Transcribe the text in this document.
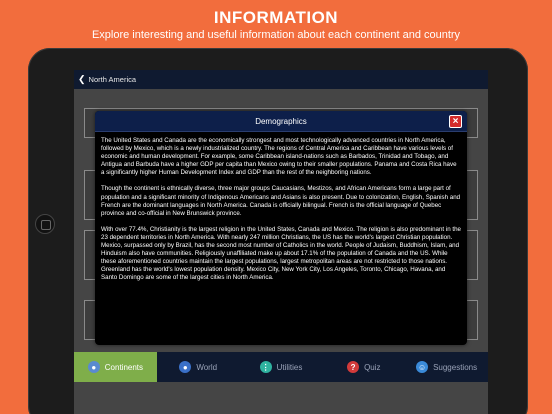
INFORMATION
Explore interesting and useful information about each continent and country
❮ North America
Demographics	×

The United States and Canada are the economically strongest and most technologically advanced countries in North America, followed by Mexico, which is a newly industrialized country. The regions of Central America and Caribbean have various levels of economic and human development. For example, some Caribbean island-nations such as Barbados, Trinidad and Tobago, and Antigua and Barbuda have a higher GDP per capita than Mexico owing to their smaller populations. Panama and Costa Rica have a significantly higher Human Development Index and GDP than the rest of the neighboring nations.

Though the continent is ethnically diverse, three major groups Caucasians, Mestizos, and African Americans form a large part of population and a significant minority of Indigenous Americans and Asians is also present. Due to colonization, English, Spanish and French are the dominant languages in North America. Canada is officially bilingual. French is the official language of Quebec province and co-official in New Brunswick province.

With over 77.4%, Christianity is the largest religion in the United States, Canada and Mexico. The religion is also predominant in the 23 dependent territories in North America. With nearly 247 million Christians, the US has the world's largest Christian population. Mexico, surpassed only by Brazil, has the second most number of Catholics in the world. People of Judaism, Buddhism, Islam, and Hinduism also have communities. Religiously unaffiliated make up about 17.1% of the population of Canada and the US. While these aforementioned countries maintain the largest populations, largest metropolitan areas are not restricted to those nations. Greenland has the world's lowest population density. Mexico City, New York City, Los Angeles, Toronto, Chicago, Havana, and Santo Domingo are some of the largest cities in North America.

●	Continents	●	World	⋮ Utilities	?	Quiz	☺ Suggestions
